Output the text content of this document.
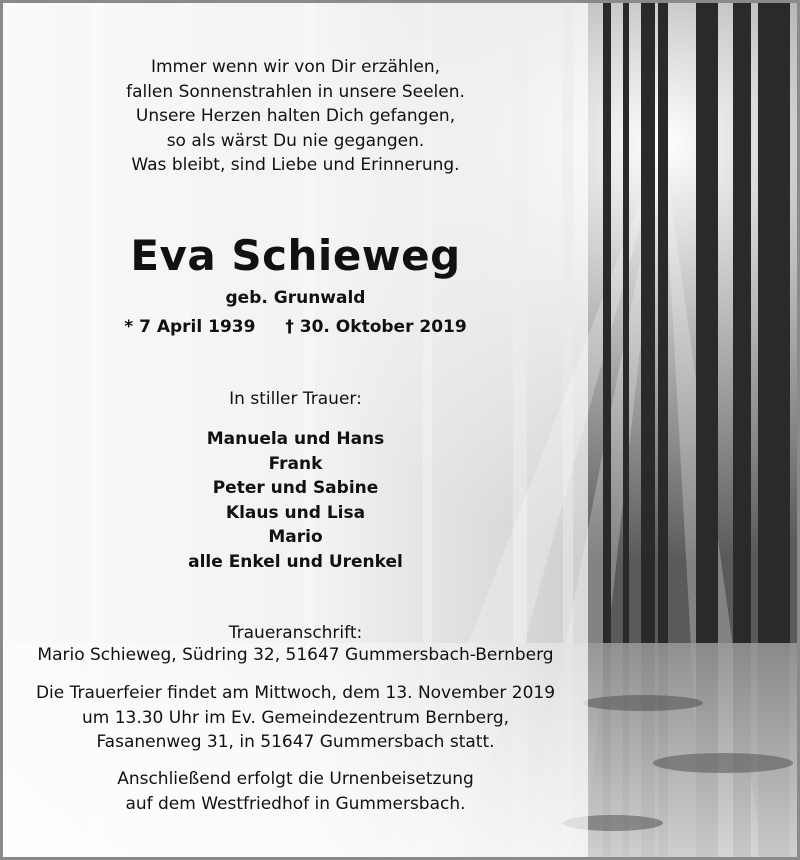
Immer wenn wir von Dir erzählen,
fallen Sonnenstrahlen in unsere Seelen.
Unsere Herzen halten Dich gefangen,
so als wärst Du nie gegangen.
Was bleibt, sind Liebe und Erinnerung.
Eva Schieweg
geb. Grunwald
* 7 April 1939 † 30. Oktober 2019
In stiller Trauer:
Manuela und Hans
Frank
Peter und Sabine
Klaus und Lisa
Mario
alle Enkel und Urenkel
Traueranschrift:
Mario Schieweg, Südring 32, 51647 Gummersbach-Bernberg
Die Trauerfeier findet am Mittwoch, dem 13. November 2019
um 13.30 Uhr im Ev. Gemeindezentrum Bernberg,
Fasanenweg 31, in 51647 Gummersbach statt.
Anschließend erfolgt die Urnenbeisetzung
auf dem Westfriedhof in Gummersbach.
